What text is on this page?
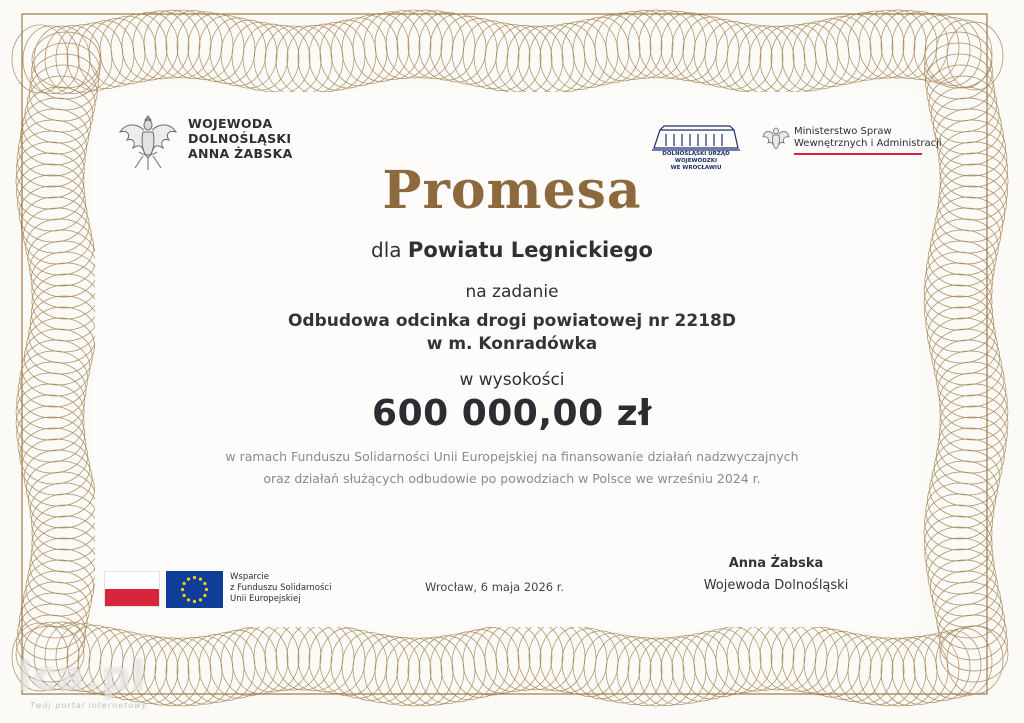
WOJEWODA
DOLNOŚLĄSKI
ANNA ŻABSKA	DOLNOŚLĄSKI URZĄD WOJEWÓDZKI
WE WROCŁAWIU
Ministerstwo Spraw
Wewnętrznych i Administracji
Promesa
dla Powiatu Legnickiego
na zadanie
Odbudowa odcinka drogi powiatowej nr 2218D
w m. Konradówka
w wysokości
600 000,00 zł
w ramach Funduszu Solidarności Unii Europejskiej na finansowanie działań nadzwyczajnych
oraz działań służących odbudowie po powodziach w Polsce we wrześniu 2024 r.
Wsparcie
z Funduszu Solidarności
Unii Europejskiej
Wrocław, 6 maja 2026 r.
Anna Żabska
Wojewoda Dolnośląski
lca.pl
Twój portal internetowy
